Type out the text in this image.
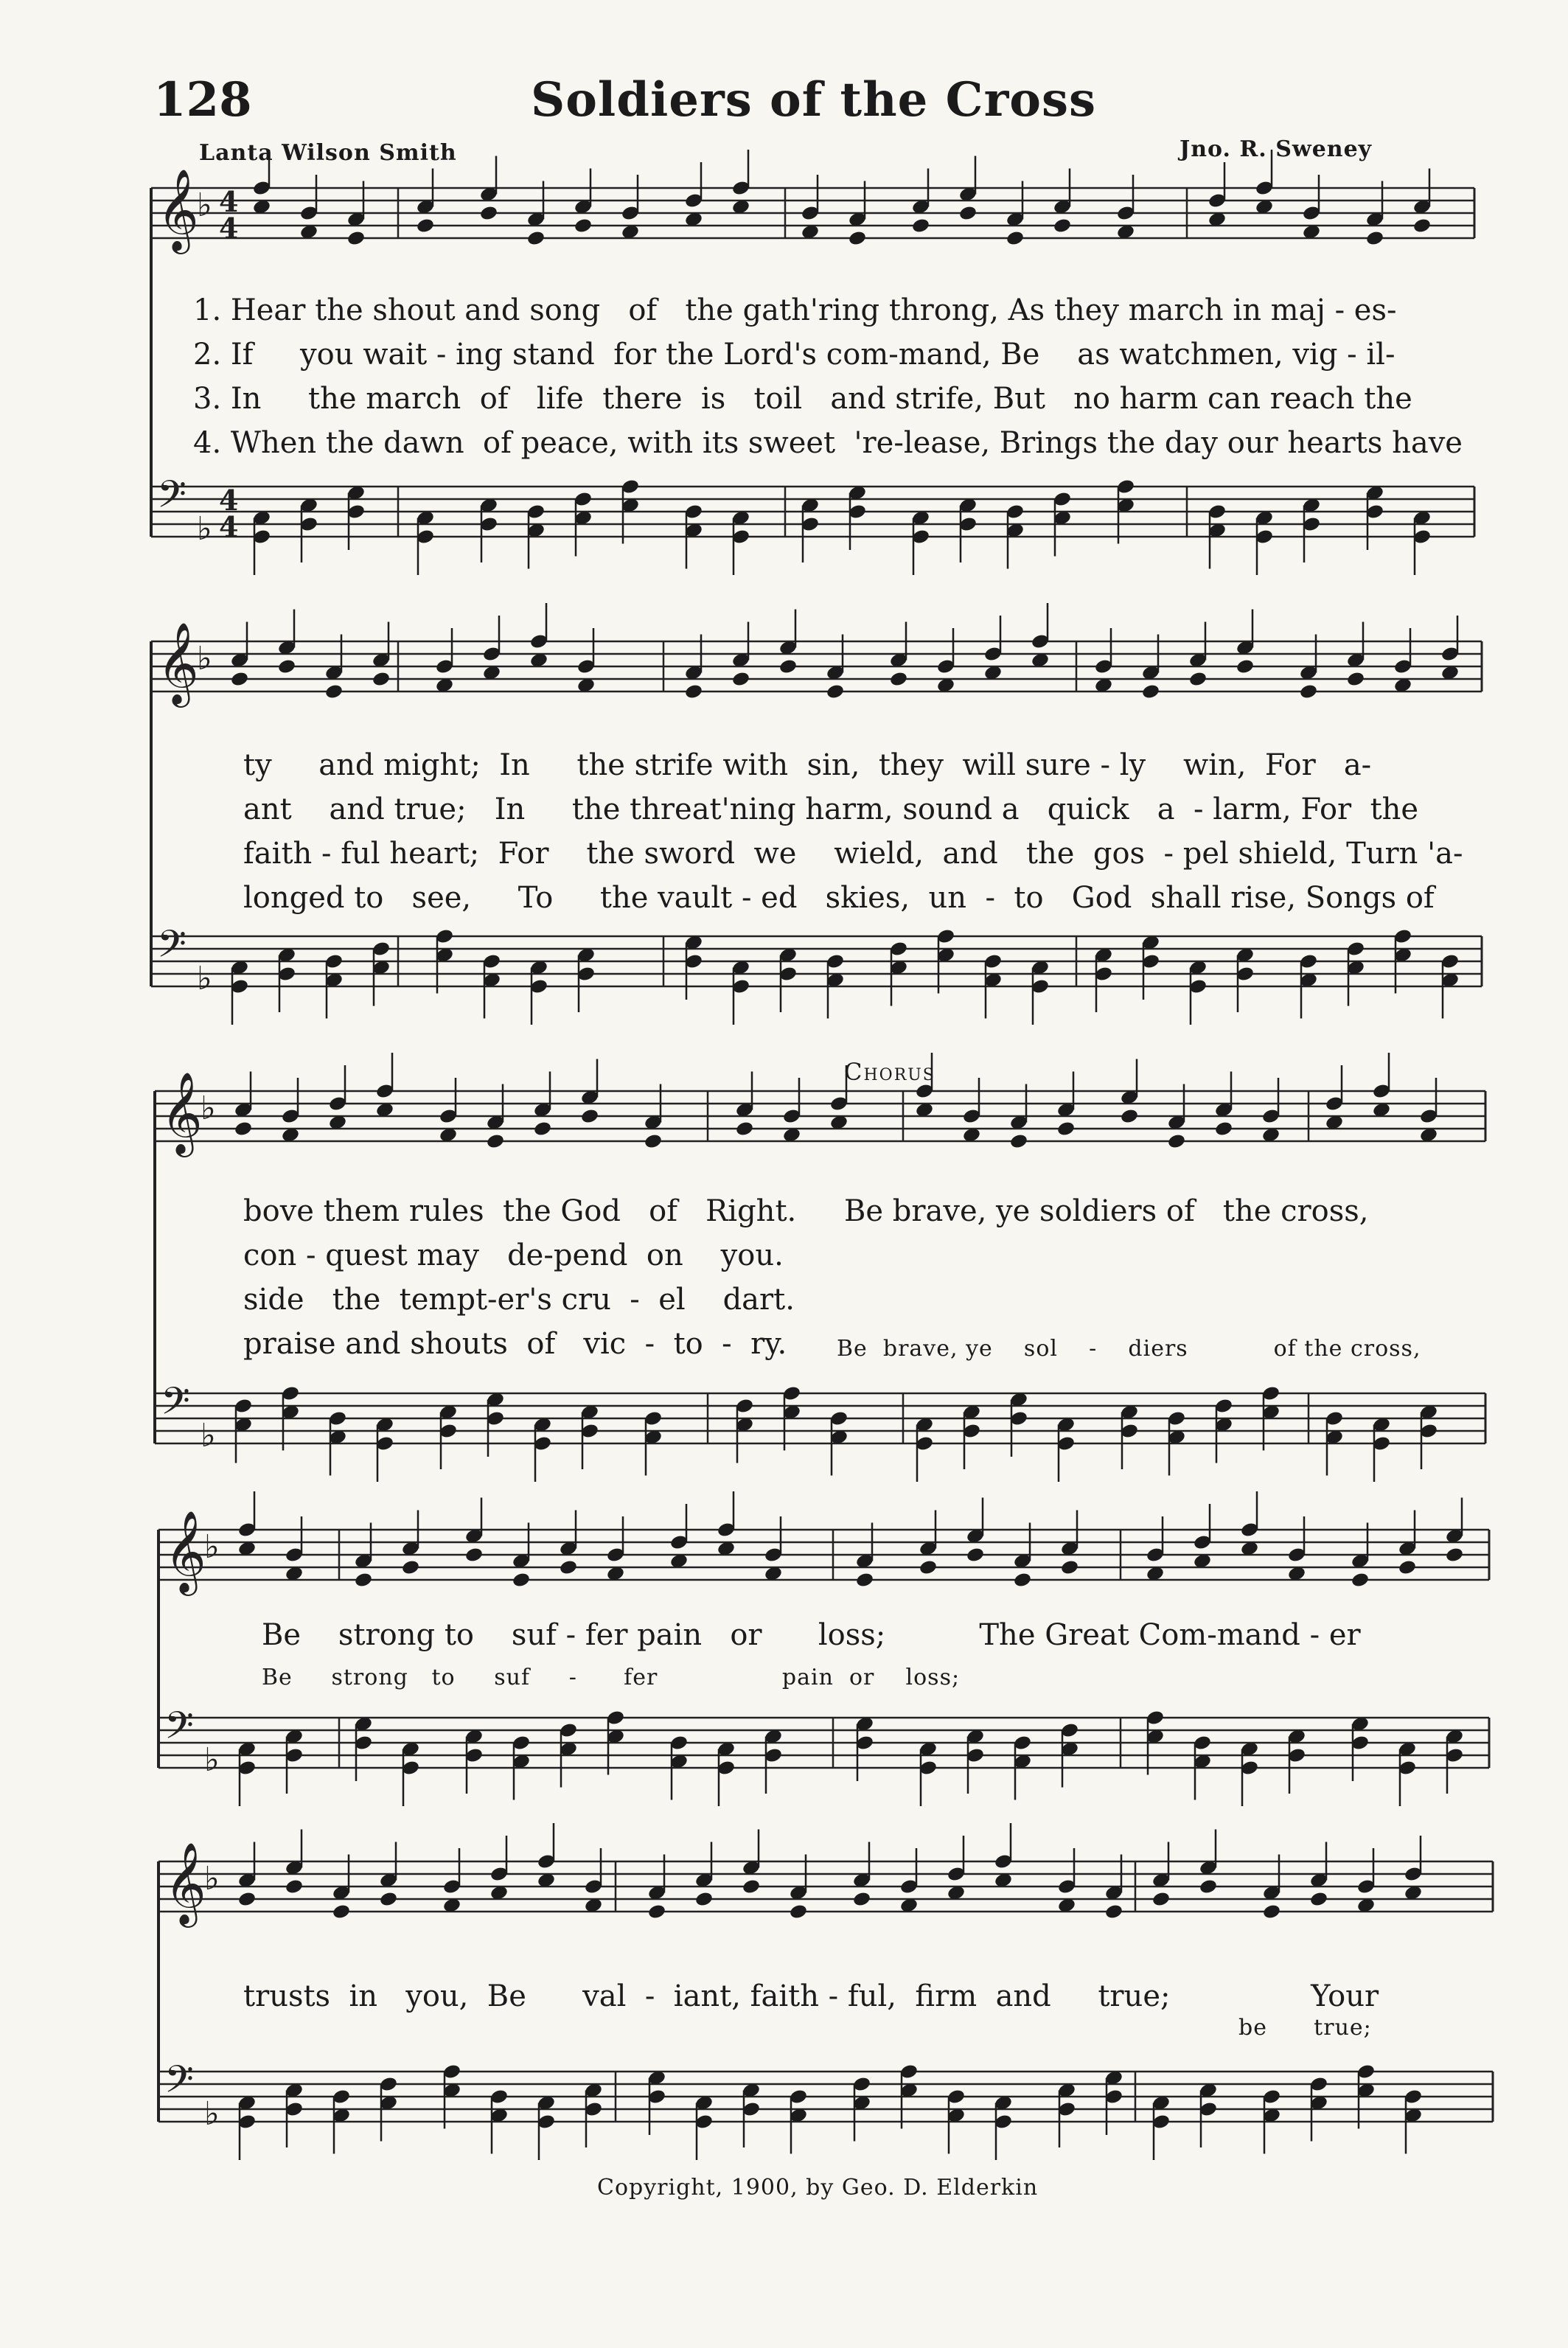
128	Soldiers of the Cross
Lanta Wilson Smith	Jno. R. Sweney
𝄞
♭ 4
4
𝄢
♭
4
4
𝄞
♭
𝄢
♭
𝄞
♭
𝄢
♭
𝄞
♭
𝄢
♭
𝄞
♭
𝄢
♭
1. Hear the shout and song   of   the gath'ring throng, As they march in maj - es-
2. If     you wait - ing stand  for the Lord's com-mand, Be    as watchmen, vig - il-
3. In     the march  of   life  there  is   toil   and strife, But   no harm can reach the
4. When the dawn  of peace, with its sweet  're-lease, Brings the day our hearts have
ty     and might;  In     the strife with  sin,  they  will sure - ly    win,  For   a-
ant    and true;   In     the threat'ning harm, sound a   quick   a  - larm, For  the
faith - ful heart;  For    the sword  we    wield,  and   the  gos  - pel shield, Turn 'a-
longed to   see,     To     the vault - ed   skies,  un  -  to   God  shall rise, Songs of
Chorus
bove them rules  the God   of   Right. Be brave, ye soldiers of   the cross,
con - quest may   de-pend  on    you.
side   the  tempt-er's cru  -  el    dart.
praise and shouts  of   vic  -  to  -  ry. Be  brave, ye    sol    -    diers           of the cross,
Be    strong to    suf - fer pain   or      loss;          The Great Com-mand - er
Be     strong   to     suf     -      fer                pain  or    loss;
trusts  in   you,  Be      val  -  iant, faith - ful,  firm  and     true;               Your
be      true;
Copyright, 1900, by Geo. D. Elderkin
